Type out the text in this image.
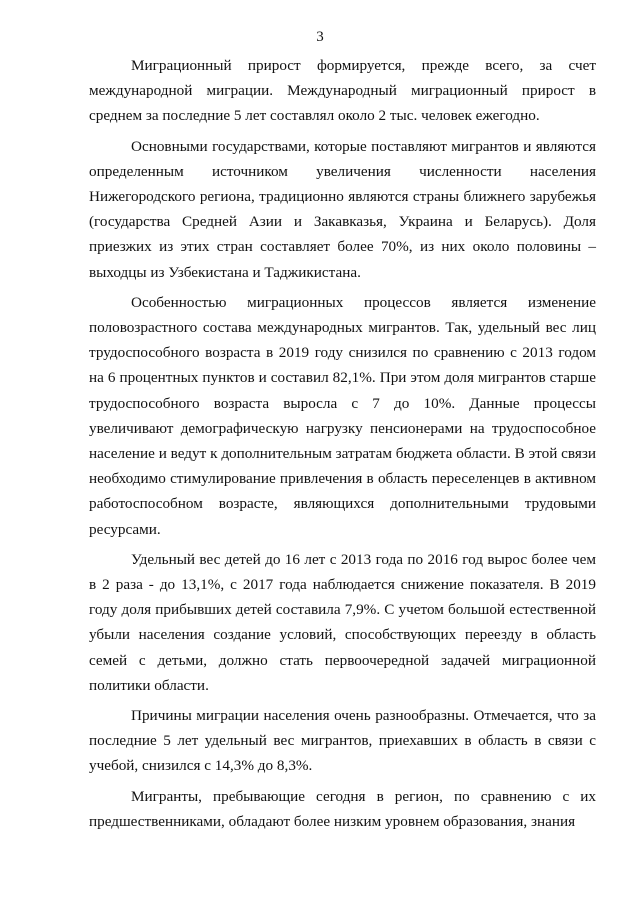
3

Миграционный прирост формируется, прежде всего, за счет международной миграции. Международный миграционный прирост в среднем за последние 5 лет составлял около 2 тыс. человек ежегодно.

Основными государствами, которые поставляют мигрантов и являются определенным источником увеличения численности населения Нижегородского региона, традиционно являются страны ближнего зарубежья (государства Средней Азии и Закавказья, Украина и Беларусь). Доля приезжих из этих стран составляет более 70%, из них около половины – выходцы из Узбекистана и Таджикистана.

Особенностью миграционных процессов является изменение половозрастного состава международных мигрантов. Так, удельный вес лиц трудоспособного возраста в 2019 году снизился по сравнению с 2013 годом на 6 процентных пунктов и составил 82,1%. При этом доля мигрантов старше трудоспособного возраста выросла с 7 до 10%. Данные процессы увеличивают демографическую нагрузку пенсионерами на трудоспособное население и ведут к дополнительным затратам бюджета области. В этой связи необходимо стимулирование привлечения в область переселенцев в активном работоспособном возрасте, являющихся дополнительными трудовыми ресурсами.

Удельный вес детей до 16 лет с 2013 года по 2016 год вырос более чем в 2 раза - до 13,1%, с 2017 года наблюдается снижение показателя. В 2019 году доля прибывших детей составила 7,9%. С учетом большой естественной убыли населения создание условий, способствующих переезду в область семей с детьми, должно стать первоочередной задачей миграционной политики области.

Причины миграции населения очень разнообразны. Отмечается, что за последние 5 лет удельный вес мигрантов, приехавших в область в связи с учебой, снизился с 14,3% до 8,3%.

Мигранты, пребывающие сегодня в регион, по сравнению с их предшественниками, обладают более низким уровнем образования, знания
